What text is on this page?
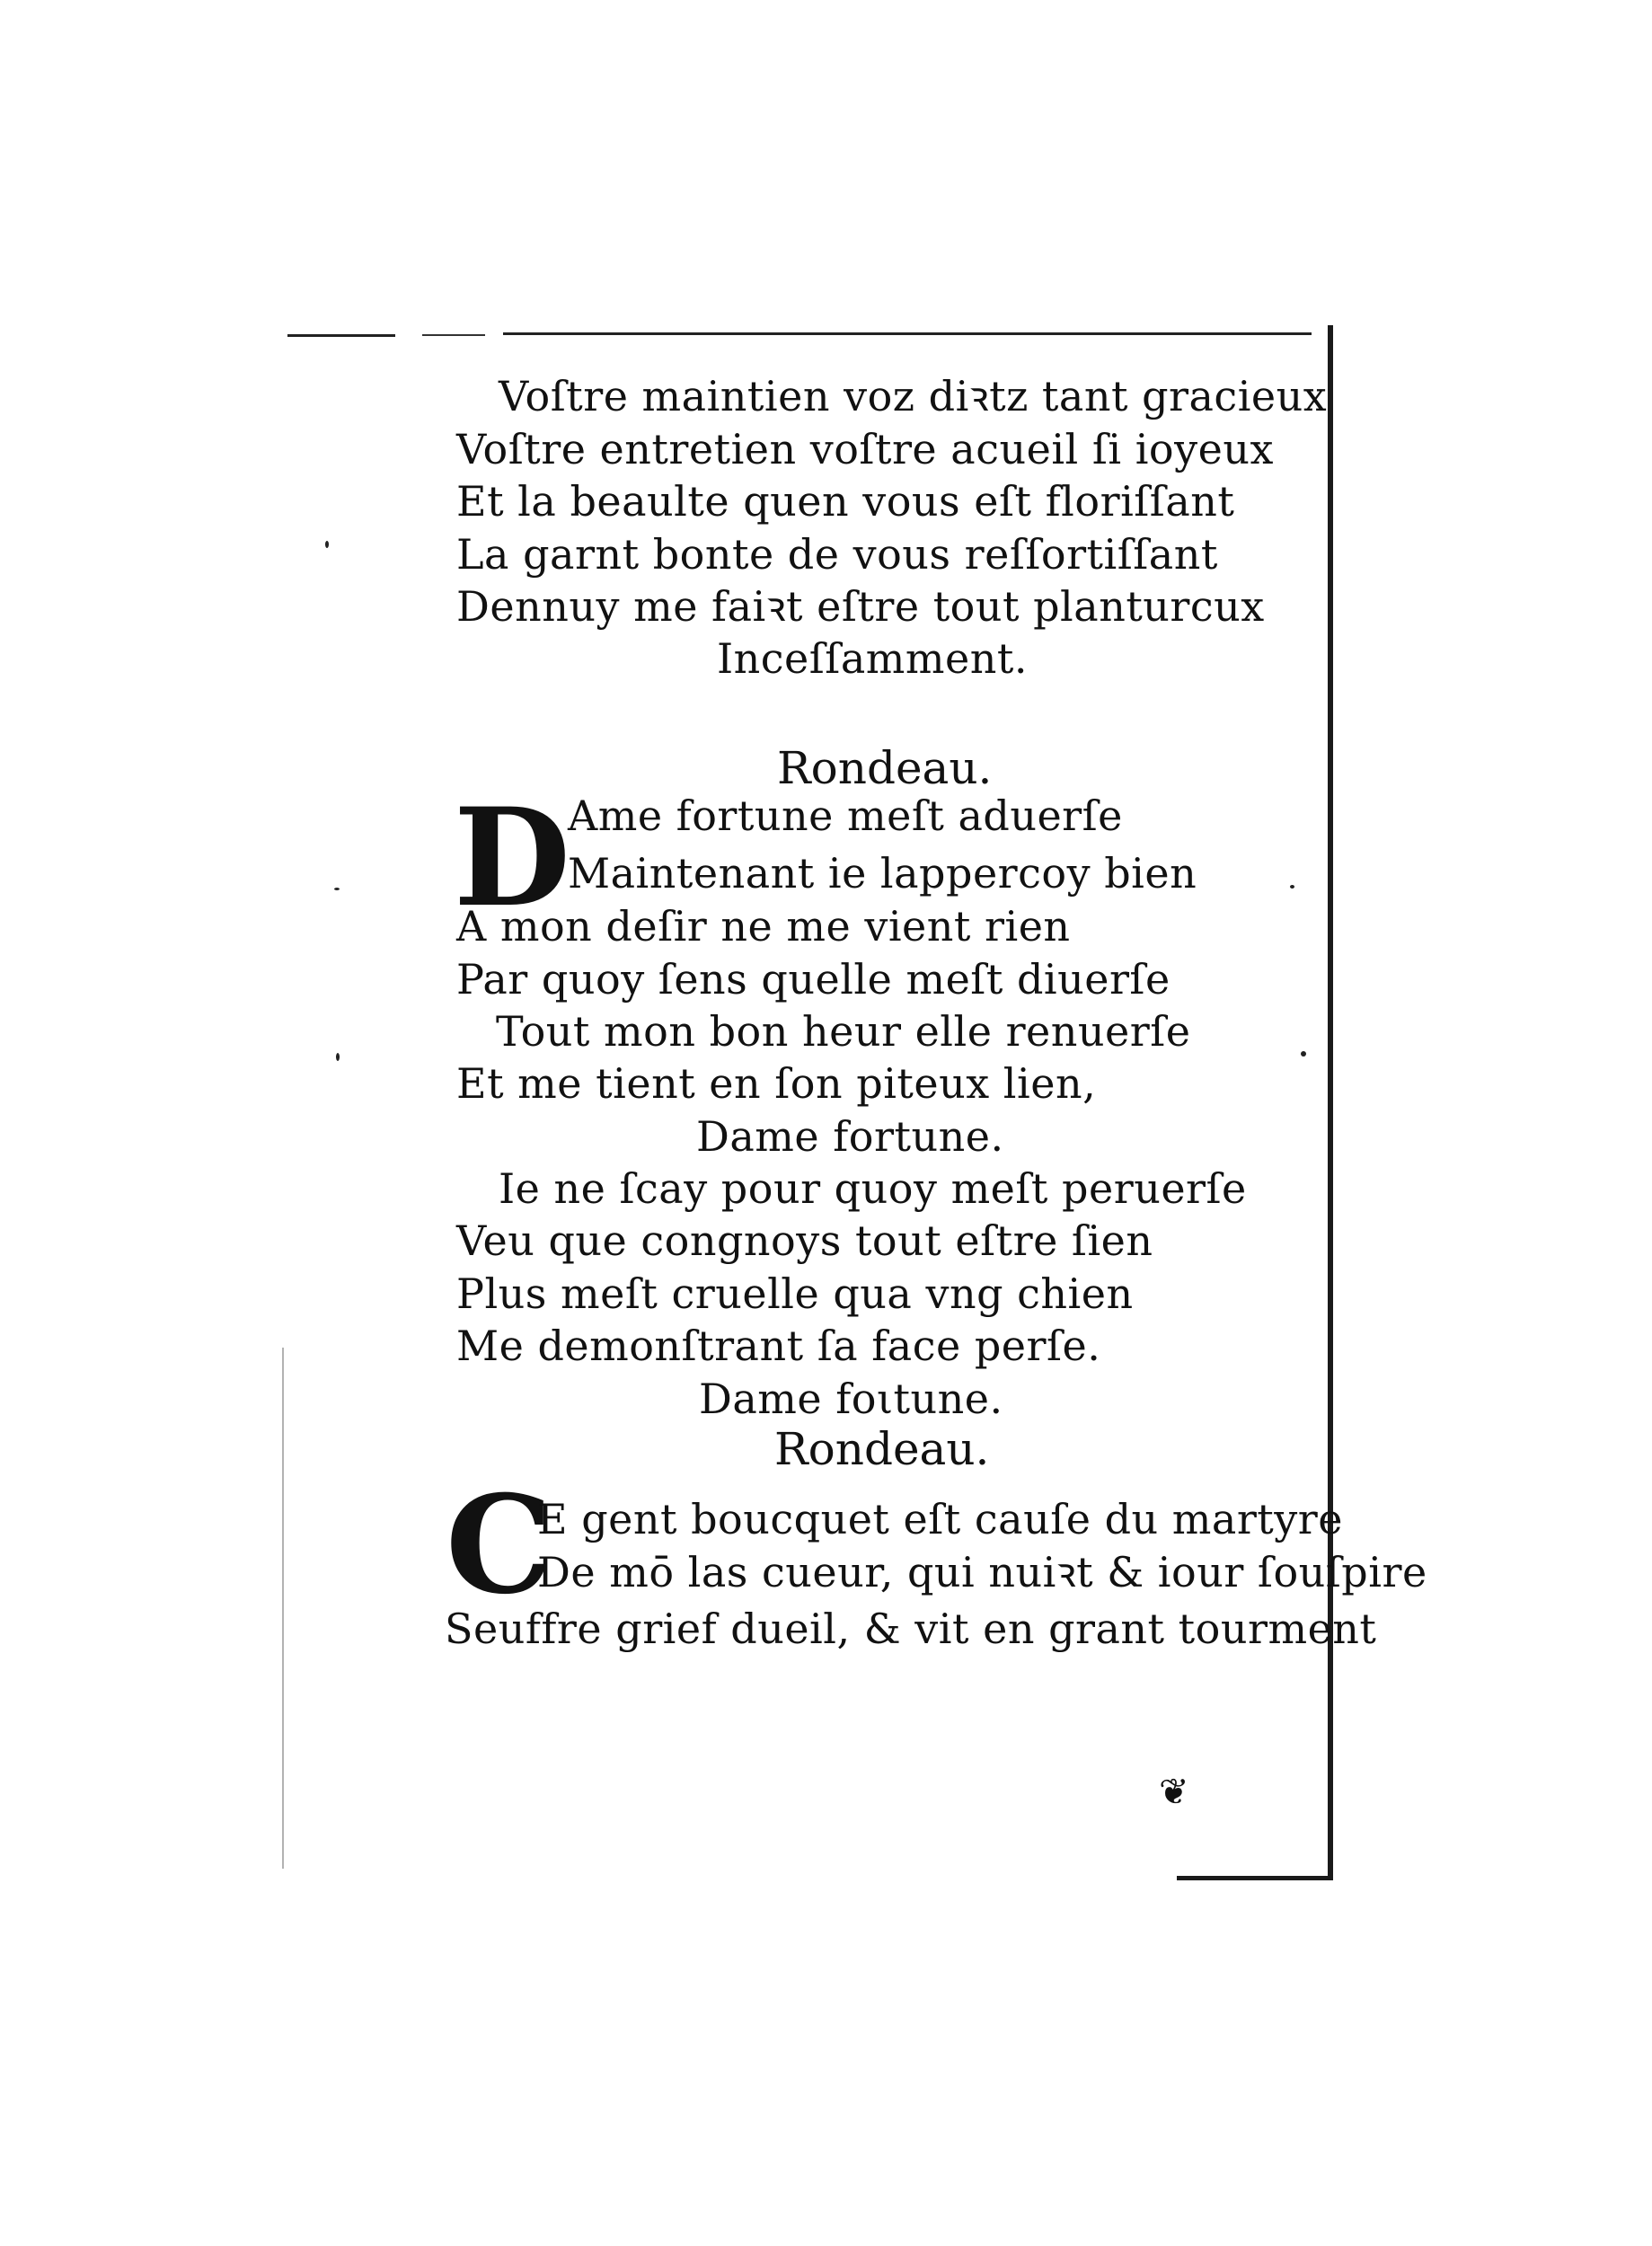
Voſtre maintien voz diꝛtz tant gracieux
Voſtre entretien voſtre acueil ſi ioyeux
Et la beaulte quen vous eſt floriſſant
La garnt bonte de vous reſſortiſſant
Dennuy me faiꝛt eſtre tout planturcux
Inceſſamment.
Rondeau.
D
Ame fortune meſt aduerſe
Maintenant ie lappercoy bien
A mon deſir ne me vient rien
Par quoy ſens quelle meſt diuerſe
Tout mon bon heur elle renuerſe
Et me tient en ſon piteux lien,
Dame fortune.
Ie ne ſcay pour quoy meſt peruerſe
Veu que congnoys tout eſtre ſien
Plus meſt cruelle qua vng chien
Me demonſtrant ſa face perſe.
Dame foιtune.
Rondeau.
C
E gent boucquet eſt cauſe du martyre
De mō las cueur, qui nuiꝛt & iour ſouſpire
Seuffre grief dueil, & vit en grant tourment
❦
